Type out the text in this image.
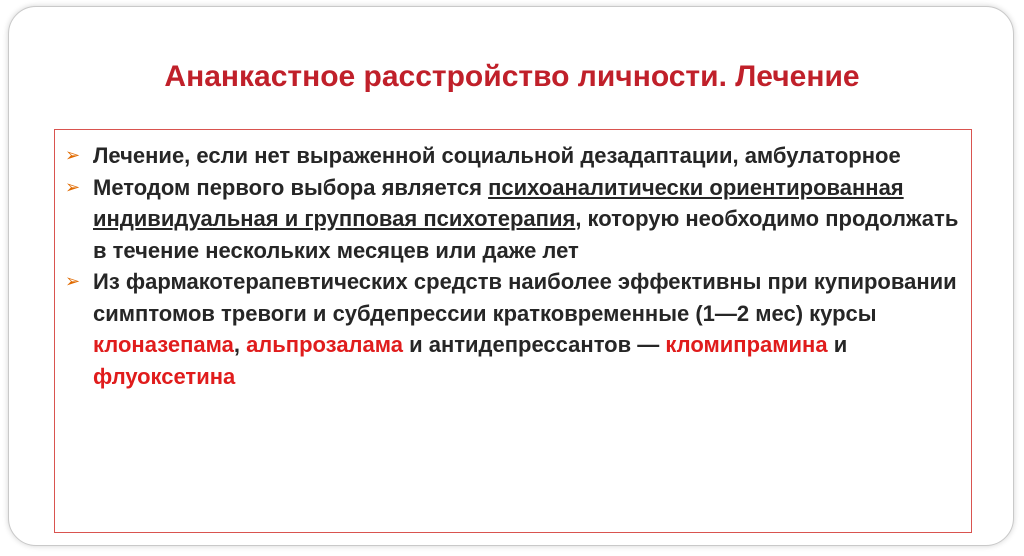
Ананкастное расстройство личности. Лечение
➢ Лечение, если нет выраженной социальной дезадаптации, амбулаторное
➢ Методом первого выбора является психоаналитически ориентированная индивидуальная и групповая психотерапия, которую необходимо продолжать в течение нескольких месяцев или даже лет
➢ Из фармакотерапевтических средств наиболее эффективны при купировании симптомов тревоги и субдепрессии кратковременные (1—2 мес) курсы клоназепама, альпрозалама и антидепрессантов — кломипрамина и флуоксетина
